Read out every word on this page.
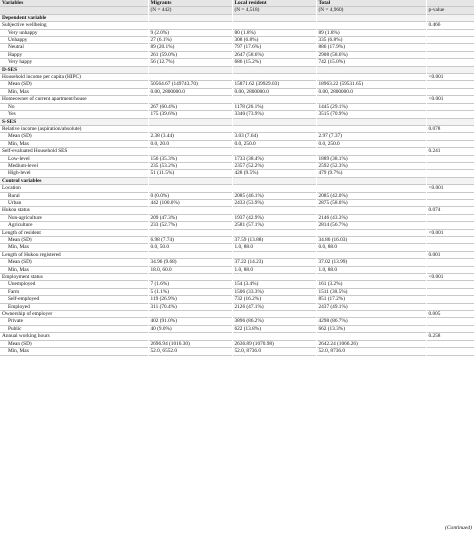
Variables	Migrants	Local resident	Total	
	(N = 442)	(N = 4,518)	(N = 4,960)	p-value
Dependent variable				
Subjective wellbeing				0.466
Very unhappy	9 (2.0%)	80 (1.8%)	89 (1.8%)	
Unhappy	27 (6.1%)	308 (6.8%)	335 (6.8%)	
Neutral	89 (20.1%)	797 (17.6%)	886 (17.9%)	
Happy	261 (59.0%)	2647 (58.6%)	2908 (58.6%)	
Very happy	56 (12.7%)	686 (15.2%)	742 (15.0%)	
D-SES				
Household income per capita (HIPC)				<0.001
Mean (SD)	50564.67 (149743.70)	15871.62 (39929.03)	18963.22 (59531.65)	
Min, Max	0.00, 2800000.0	0.00, 2800000.0	0.00, 2800000.0	
Homeowner of current apartment/house				<0.001
No	267 (60.4%)	1178 (26.1%)	1445 (29.1%)	
Yes	175 (39.6%)	3340 (73.9%)	3515 (70.9%)	
S-SES				
Relative income (aspiration/absolute)				0.078
Mean (SD)	2.38 (3.44)	3.03 (7.64)	2.97 (7.37)	
Min, Max	0.0, 20.0	0.0, 250.0	0.0, 250.0	
Self-evaluated Household SES				0.241
Low-level	156 (35.3%)	1733 (38.4%)	1889 (38.1%)	
Medium-level	235 (53.2%)	2357 (52.2%)	2592 (52.3%)	
High-level	51 (11.5%)	428 (9.5%)	479 (9.7%)	
Control variables				
Location				<0.001
Rural	0 (0.0%)	2085 (46.1%)	2085 (42.0%)	
Urban	442 (100.0%)	2433 (53.9%)	2875 (58.0%)	
Hukou status				0.074
Non-agriculture	209 (47.3%)	1937 (42.9%)	2146 (43.3%)	
Agriculture	233 (52.7%)	2581 (57.1%)	2814 (56.7%)	
Length of resident				<0.001
Mean (SD)	6.98 (7.74)	37.59 (13.88)	34.86 (16.03)	
Min, Max	0.0, 50.0	1.0, 88.0	0.0, 88.0	
Length of Hukou registered				0.001
Mean (SD)	34.96 (9.68)	37.22 (14.23)	37.02 (13.99)	
Min, Max	18.0, 60.0	1.0, 88.0	1.0, 88.0	
Employment status				<0.001
Unemployed	7 (1.6%)	154 (3.4%)	161 (3.2%)	
Farm	5 (1.1%)	1506 (33.3%)	1511 (30.5%)	
Self-employed	119 (26.9%)	732 (16.2%)	851 (17.2%)	
Employed	311 (70.4%)	2126 (47.1%)	2437 (49.1%)	
Ownership of employer				0.005
Private	402 (91.0%)	3896 (86.2%)	4298 (86.7%)	
Public	40 (9.0%)	622 (13.8%)	662 (13.3%)	
Annual working hours				0.258
Mean (SD)	2696.94 (1016.30)	2636.89 (1070.98)	2642.24 (1066.26)	
Min, Max	52.0, 6552.0	52.0, 8736.0	52.0, 8736.0	
(Continued)
